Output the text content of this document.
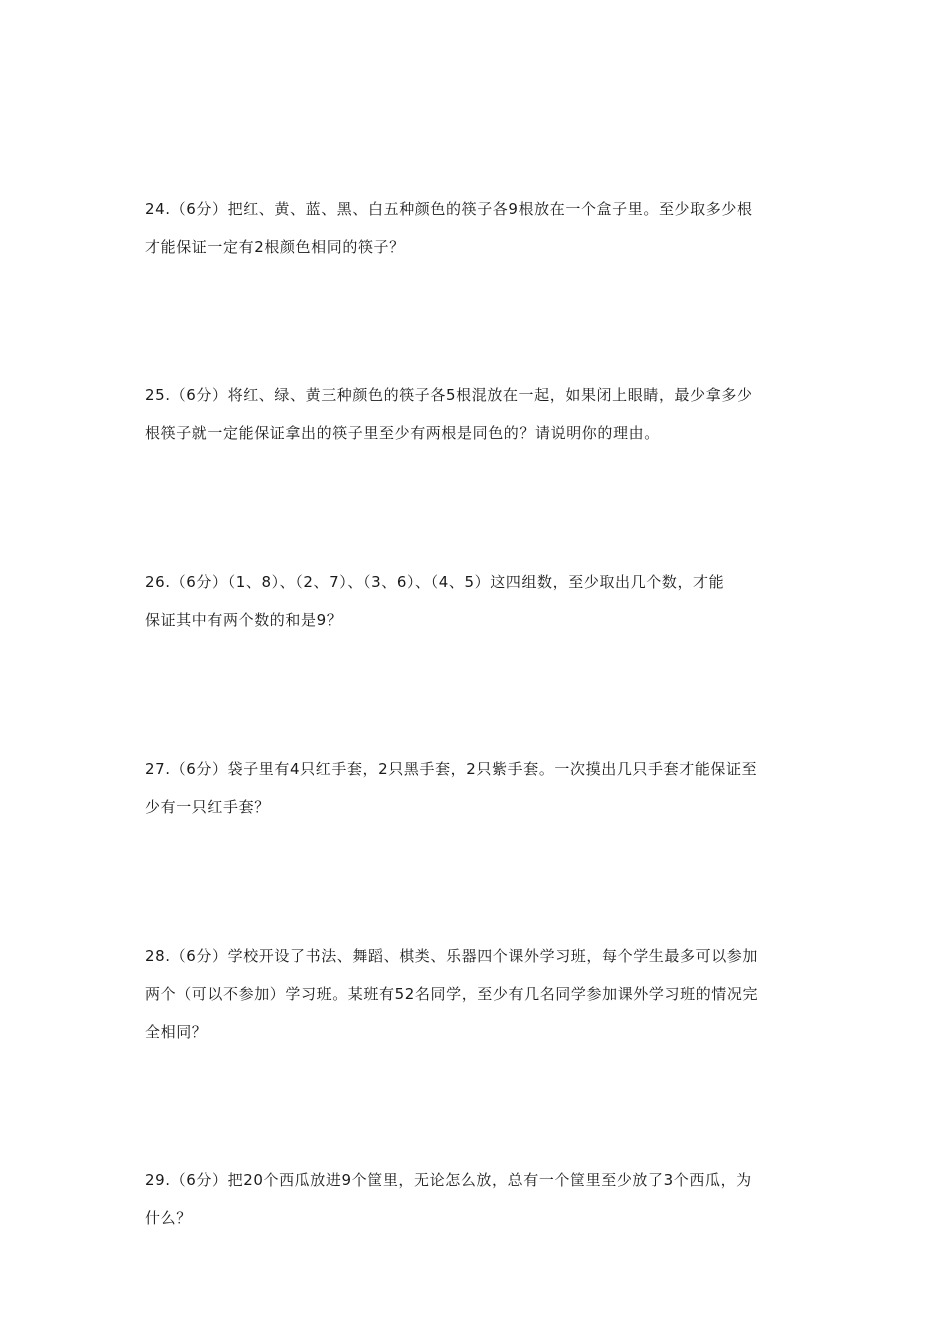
24.（6分）把红、黄、蓝、黑、白五种颜色的筷子各9根放在一个盒子里。至少取多少根
才能保证一定有2根颜色相同的筷子？
25.（6分）将红、绿、黄三种颜色的筷子各5根混放在一起，如果闭上眼睛，最少拿多少
根筷子就一定能保证拿出的筷子里至少有两根是同色的？请说明你的理由。
26.（6分）（1、8）、（2、7）、（3、6）、（4、5）这四组数，至少取出几个数，才能
保证其中有两个数的和是9？
27.（6分）袋子里有4只红手套，2只黑手套，2只紫手套。一次摸出几只手套才能保证至
少有一只红手套？
28.（6分）学校开设了书法、舞蹈、棋类、乐器四个课外学习班，每个学生最多可以参加
两个（可以不参加）学习班。某班有52名同学，至少有几名同学参加课外学习班的情况完
全相同？
29.（6分）把20个西瓜放进9个筐里，无论怎么放，总有一个筐里至少放了3个西瓜，为
什么？
